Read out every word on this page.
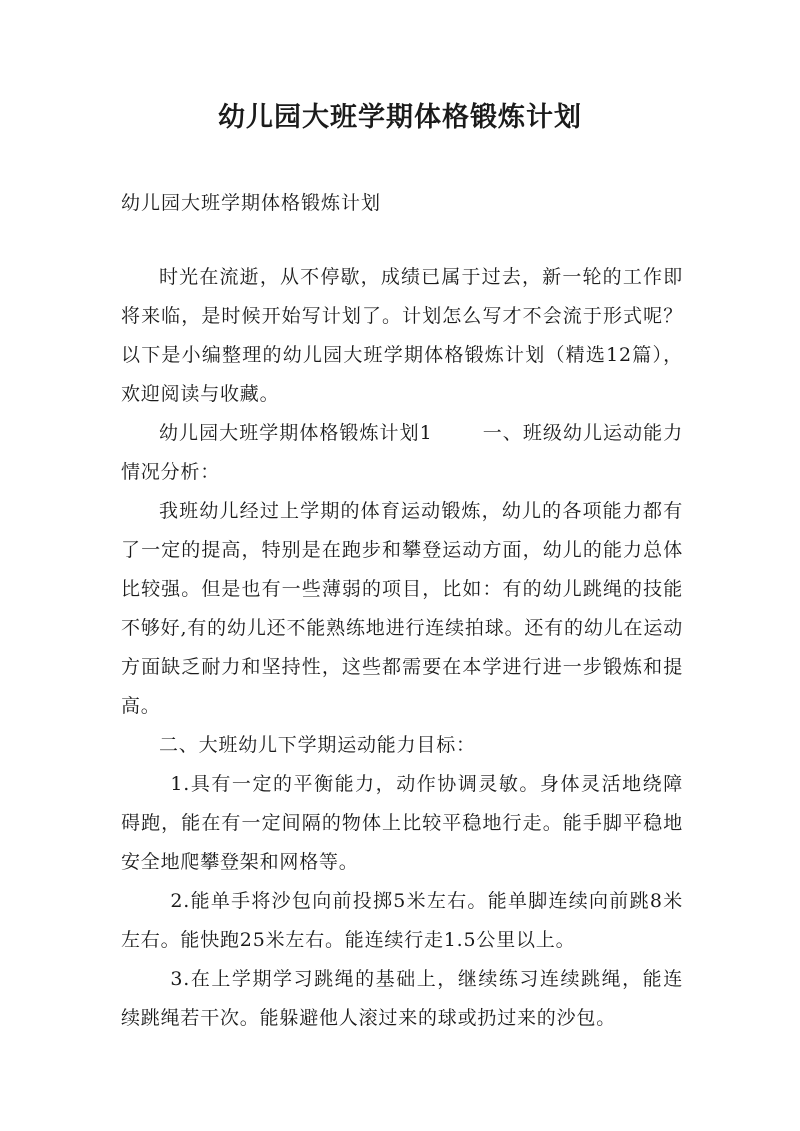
幼儿园大班学期体格锻炼计划

幼儿园大班学期体格锻炼计划

时光在流逝，从不停歇，成绩已属于过去，新一轮的工作即将来临，是时候开始写计划了。计划怎么写才不会流于形式呢？以下是小编整理的幼儿园大班学期体格锻炼计划（精选12篇），欢迎阅读与收藏。

幼儿园大班学期体格锻炼计划1	一、班级幼儿运动能力情况分析：

我班幼儿经过上学期的体育运动锻炼，幼儿的各项能力都有了一定的提高，特别是在跑步和攀登运动方面，幼儿的能力总体比较强。但是也有一些薄弱的项目，比如：有的幼儿跳绳的技能不够好,有的幼儿还不能熟练地进行连续拍球。还有的幼儿在运动方面缺乏耐力和坚持性，这些都需要在本学进行进一步锻炼和提高。

二、大班幼儿下学期运动能力目标：

1.具有一定的平衡能力，动作协调灵敏。身体灵活地绕障碍跑，能在有一定间隔的物体上比较平稳地行走。能手脚平稳地安全地爬攀登架和网格等。

2.能单手将沙包向前投掷5米左右。能单脚连续向前跳8米左右。能快跑25米左右。能连续行走1.5公里以上。

3.在上学期学习跳绳的基础上，继续练习连续跳绳，能连续跳绳若干次。能躲避他人滚过来的球或扔过来的沙包。
